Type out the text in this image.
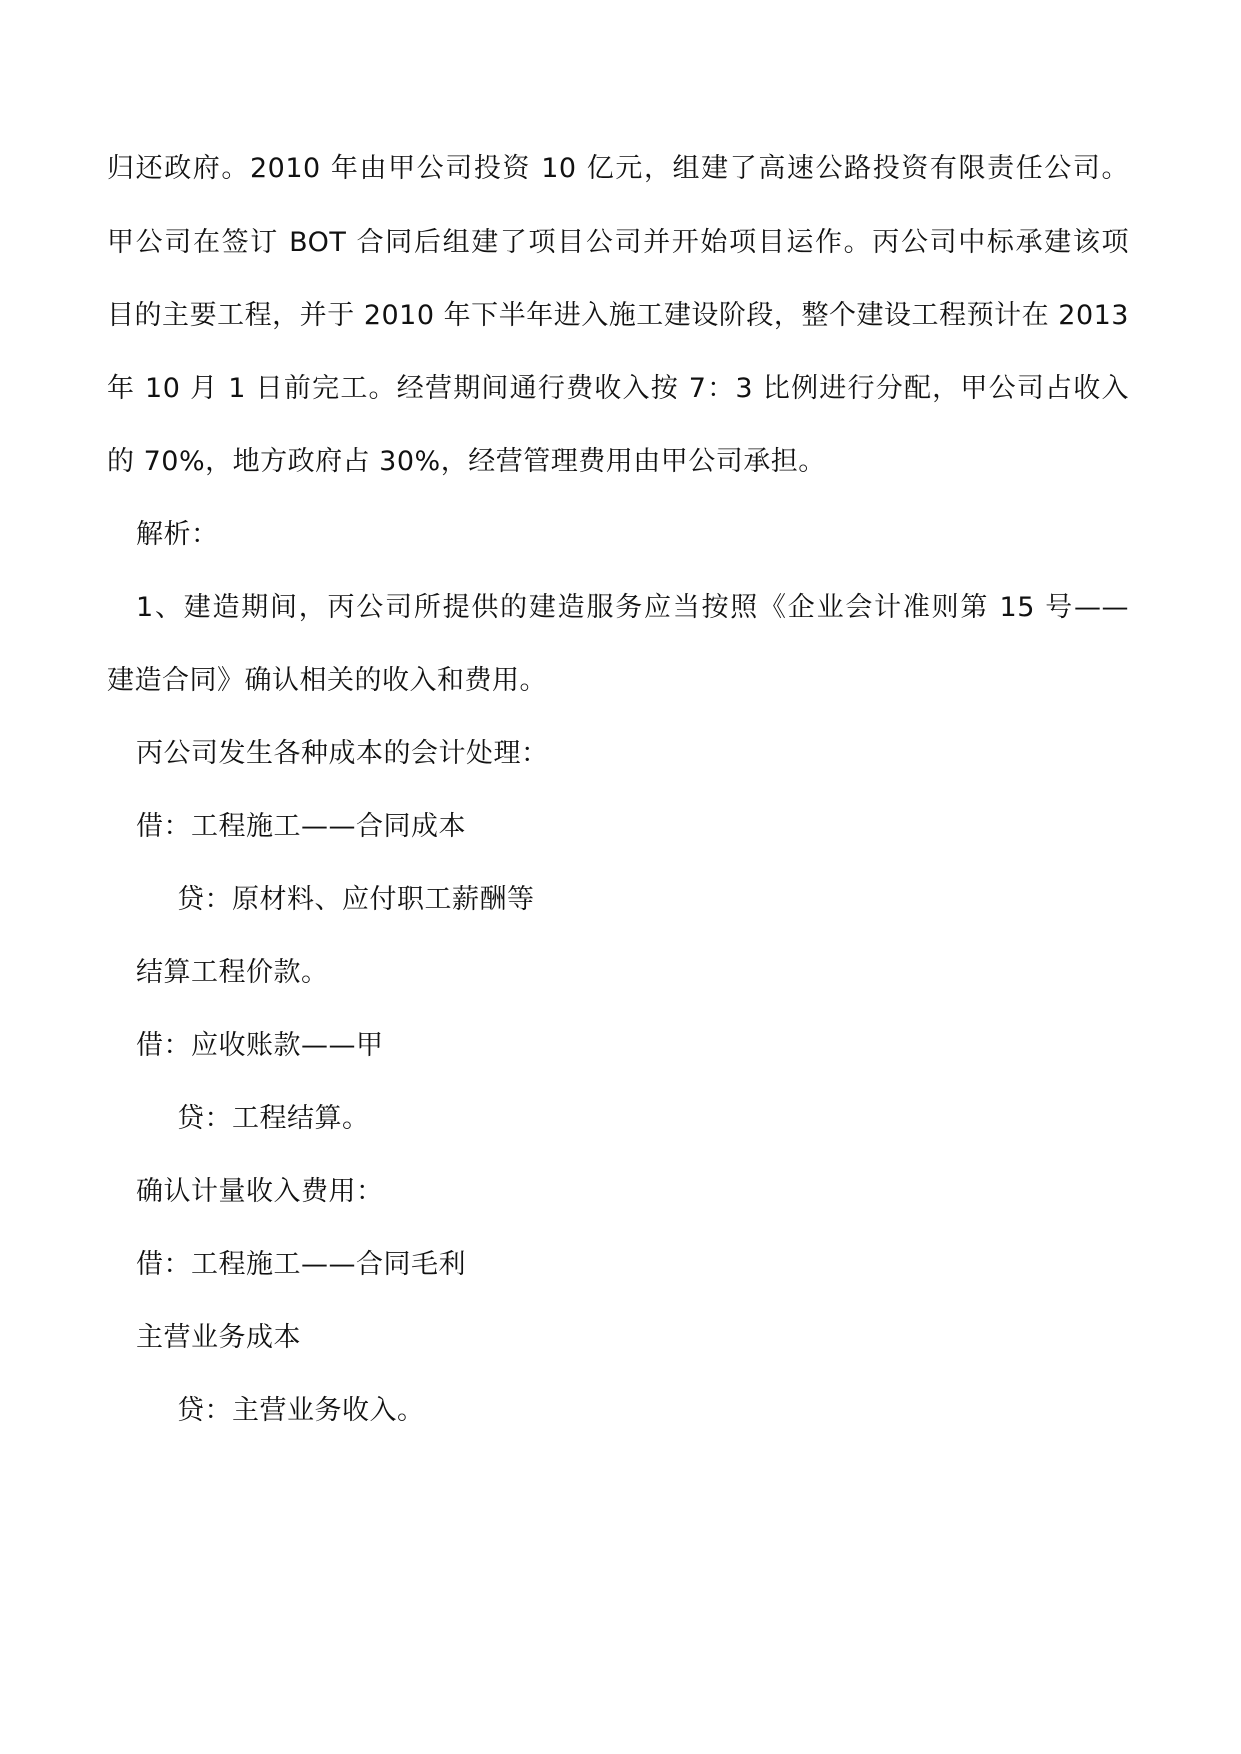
归还政府。2010 年由甲公司投资 10 亿元，组建了高速公路投资有限责任公司。
甲公司在签订 BOT 合同后组建了项目公司并开始项目运作。丙公司中标承建该项
目的主要工程，并于 2010 年下半年进入施工建设阶段，整个建设工程预计在 2013
年 10 月 1 日前完工。经营期间通行费收入按 7：3 比例进行分配，甲公司占收入
的 70%，地方政府占 30%，经营管理费用由甲公司承担。
解析：
1、建造期间，丙公司所提供的建造服务应当按照《企业会计准则第 15 号——
建造合同》确认相关的收入和费用。
丙公司发生各种成本的会计处理：
借：工程施工——合同成本
贷：原材料、应付职工薪酬等
结算工程价款。
借：应收账款——甲
贷：工程结算。
确认计量收入费用：
借：工程施工——合同毛利
主营业务成本
贷：主营业务收入。
